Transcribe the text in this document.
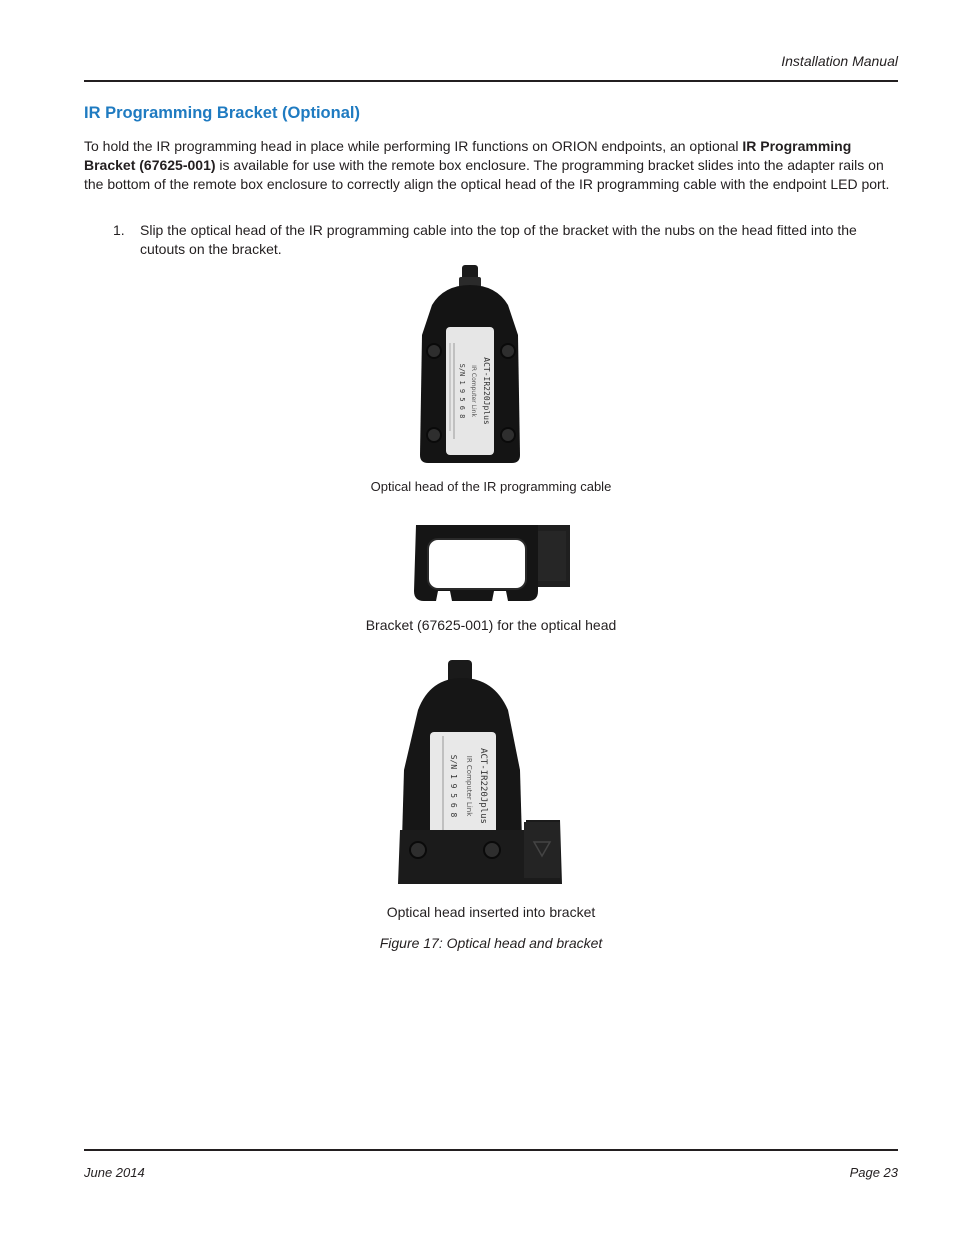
Installation Manual
IR Programming Bracket (Optional)

To hold the IR programming head in place while performing IR functions on ORION endpoints, an optional IR Programming Bracket (67625-001) is available for use with the remote box enclosure. The programming bracket slides into the adapter rails on the bottom of the remote box enclosure to correctly align the optical head of the IR programming cable with the endpoint LED port.

1. Slip the optical head of the IR programming cable into the top of the bracket with the nubs on the head fitted into the cutouts on the bracket.
ACT-IR220Jplus
IR Computer Link
S/N 1 9 5 6 8
Optical head of the IR programming cable
Bracket (67625-001) for the optical head
ACT-IR220Jplus
IR Computer Link
S/N 1 9 5 6 8
Optical head inserted into bracket
Figure 17: Optical head and bracket
June 2014	Page 23
